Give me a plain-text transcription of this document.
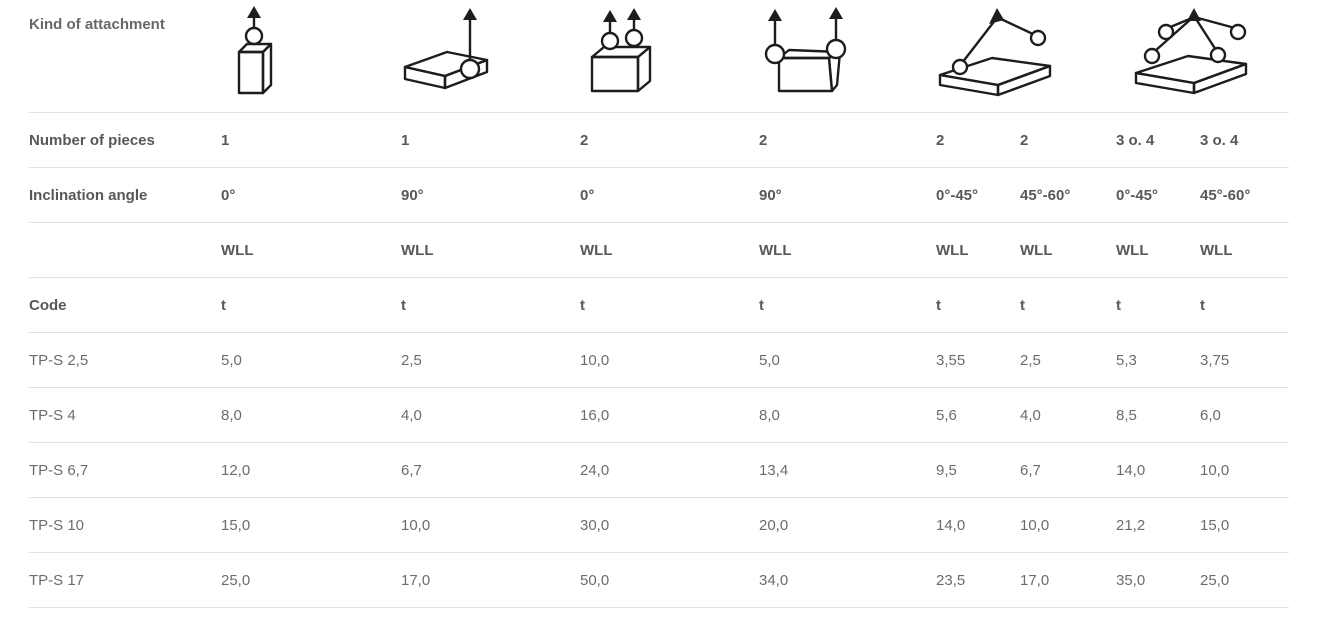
Kind of attachment

Number of pieces	1	1	2	2	2	2	3 o. 4	3 o. 4
Inclination angle	0°	90°	0°	90°	0°-45°	45°-60°	0°-45°	45°-60°
	WLL	WLL	WLL	WLL	WLL	WLL	WLL	WLL
Code	t	t	t	t	t	t	t	t
TP-S 2,5	5,0	2,5	10,0	5,0	3,55	2,5	5,3	3,75
TP-S 4	8,0	4,0	16,0	8,0	5,6	4,0	8,5	6,0
TP-S 6,7	12,0	6,7	24,0	13,4	9,5	6,7	14,0	10,0
TP-S 10	15,0	10,0	30,0	20,0	14,0	10,0	21,2	15,0
TP-S 17	25,0	17,0	50,0	34,0	23,5	17,0	35,0	25,0
